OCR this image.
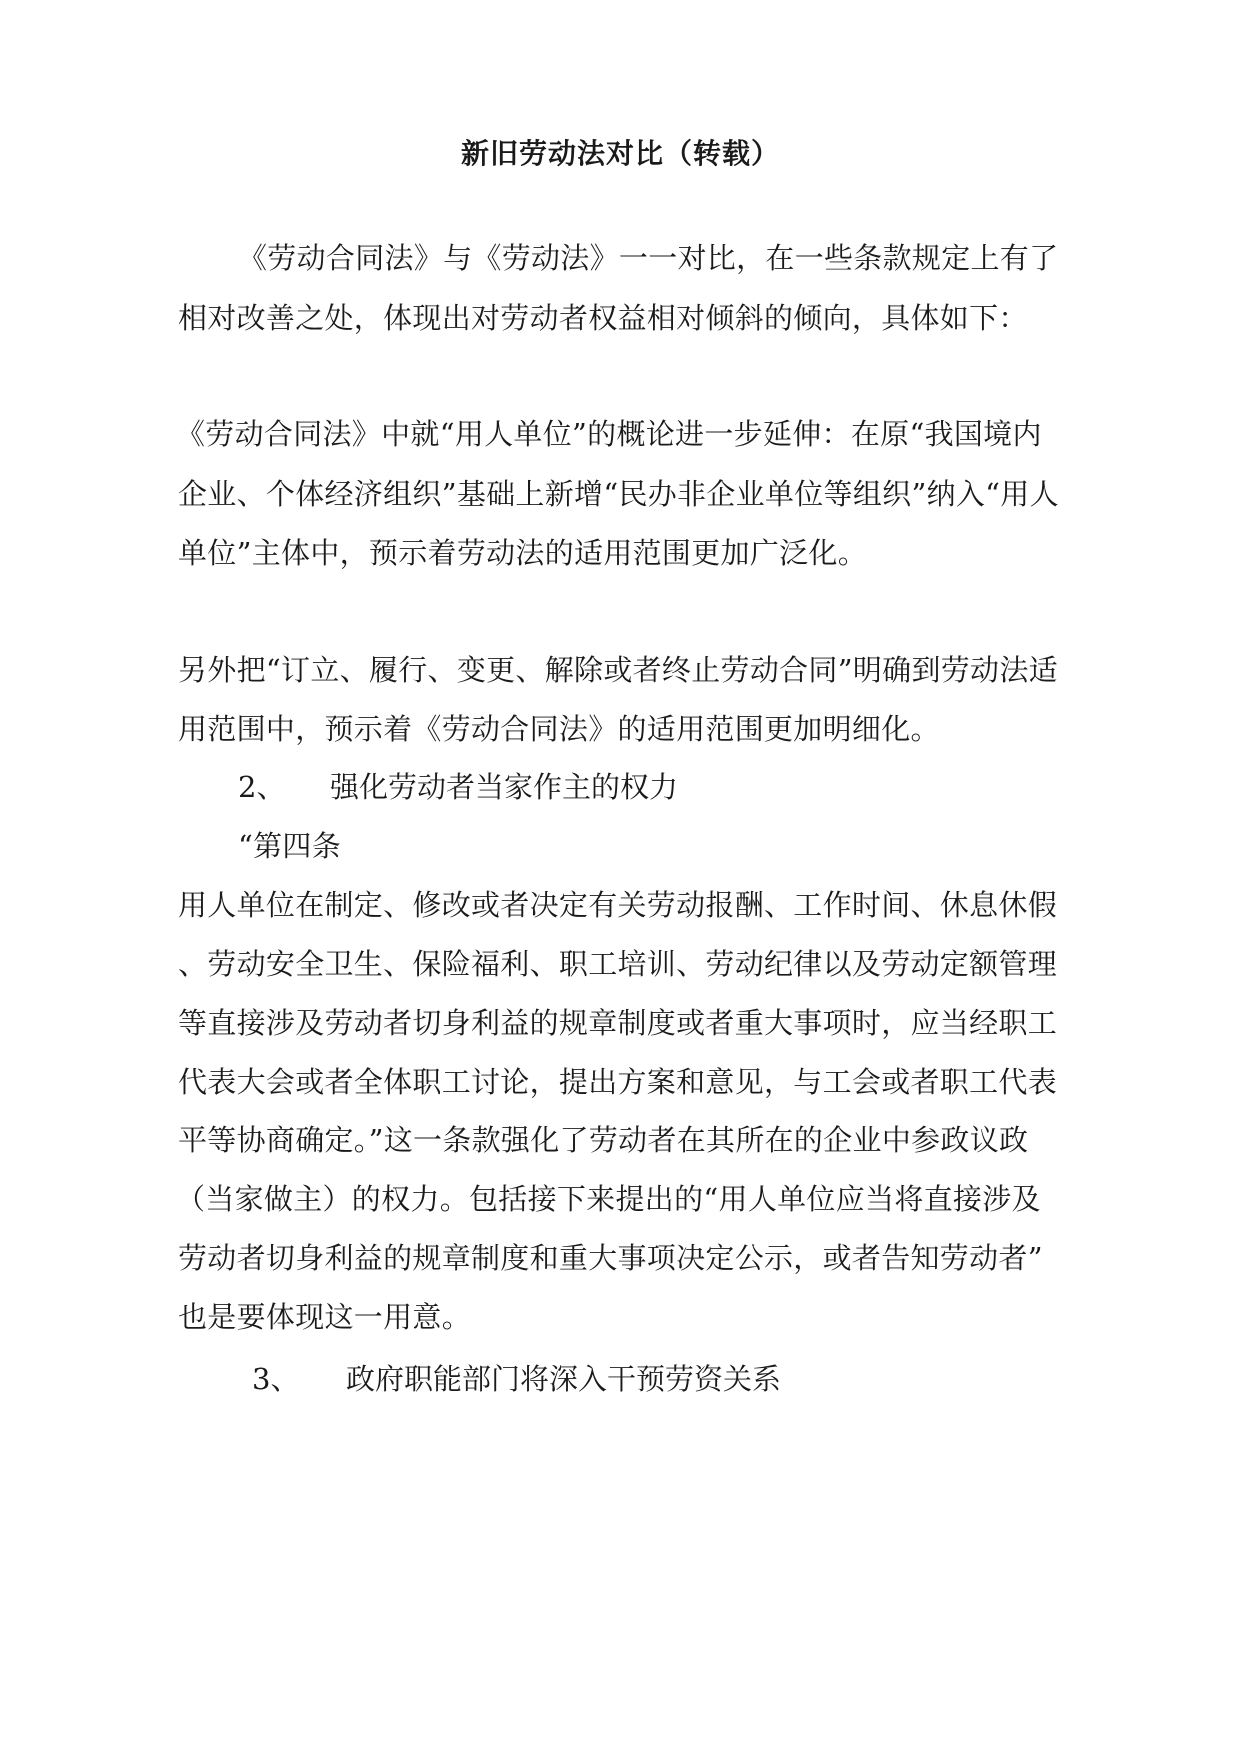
新旧劳动法对比（转载）
《劳动合同法》与《劳动法》一一对比，在一些条款规定上有了
相对改善之处，体现出对劳动者权益相对倾斜的倾向，具体如下：
《劳动合同法》中就“用人单位”的概论进一步延伸：在原“我国境内
企业、个体经济组织”基础上新增“民办非企业单位等组织”纳入“用人
单位”主体中，预示着劳动法的适用范围更加广泛化。
另外把“订立、履行、变更、解除或者终止劳动合同”明确到劳动法适
用范围中，预示着《劳动合同法》的适用范围更加明细化。
2、 强化劳动者当家作主的权力
“第四条
用人单位在制定、修改或者决定有关劳动报酬、工作时间、休息休假
、劳动安全卫生、保险福利、职工培训、劳动纪律以及劳动定额管理
等直接涉及劳动者切身利益的规章制度或者重大事项时，应当经职工
代表大会或者全体职工讨论，提出方案和意见，与工会或者职工代表
平等协商确定。”这一条款强化了劳动者在其所在的企业中参政议政
（当家做主）的权力。包括接下来提出的“用人单位应当将直接涉及
劳动者切身利益的规章制度和重大事项决定公示，或者告知劳动者”
也是要体现这一用意。
3、 政府职能部门将深入干预劳资关系
